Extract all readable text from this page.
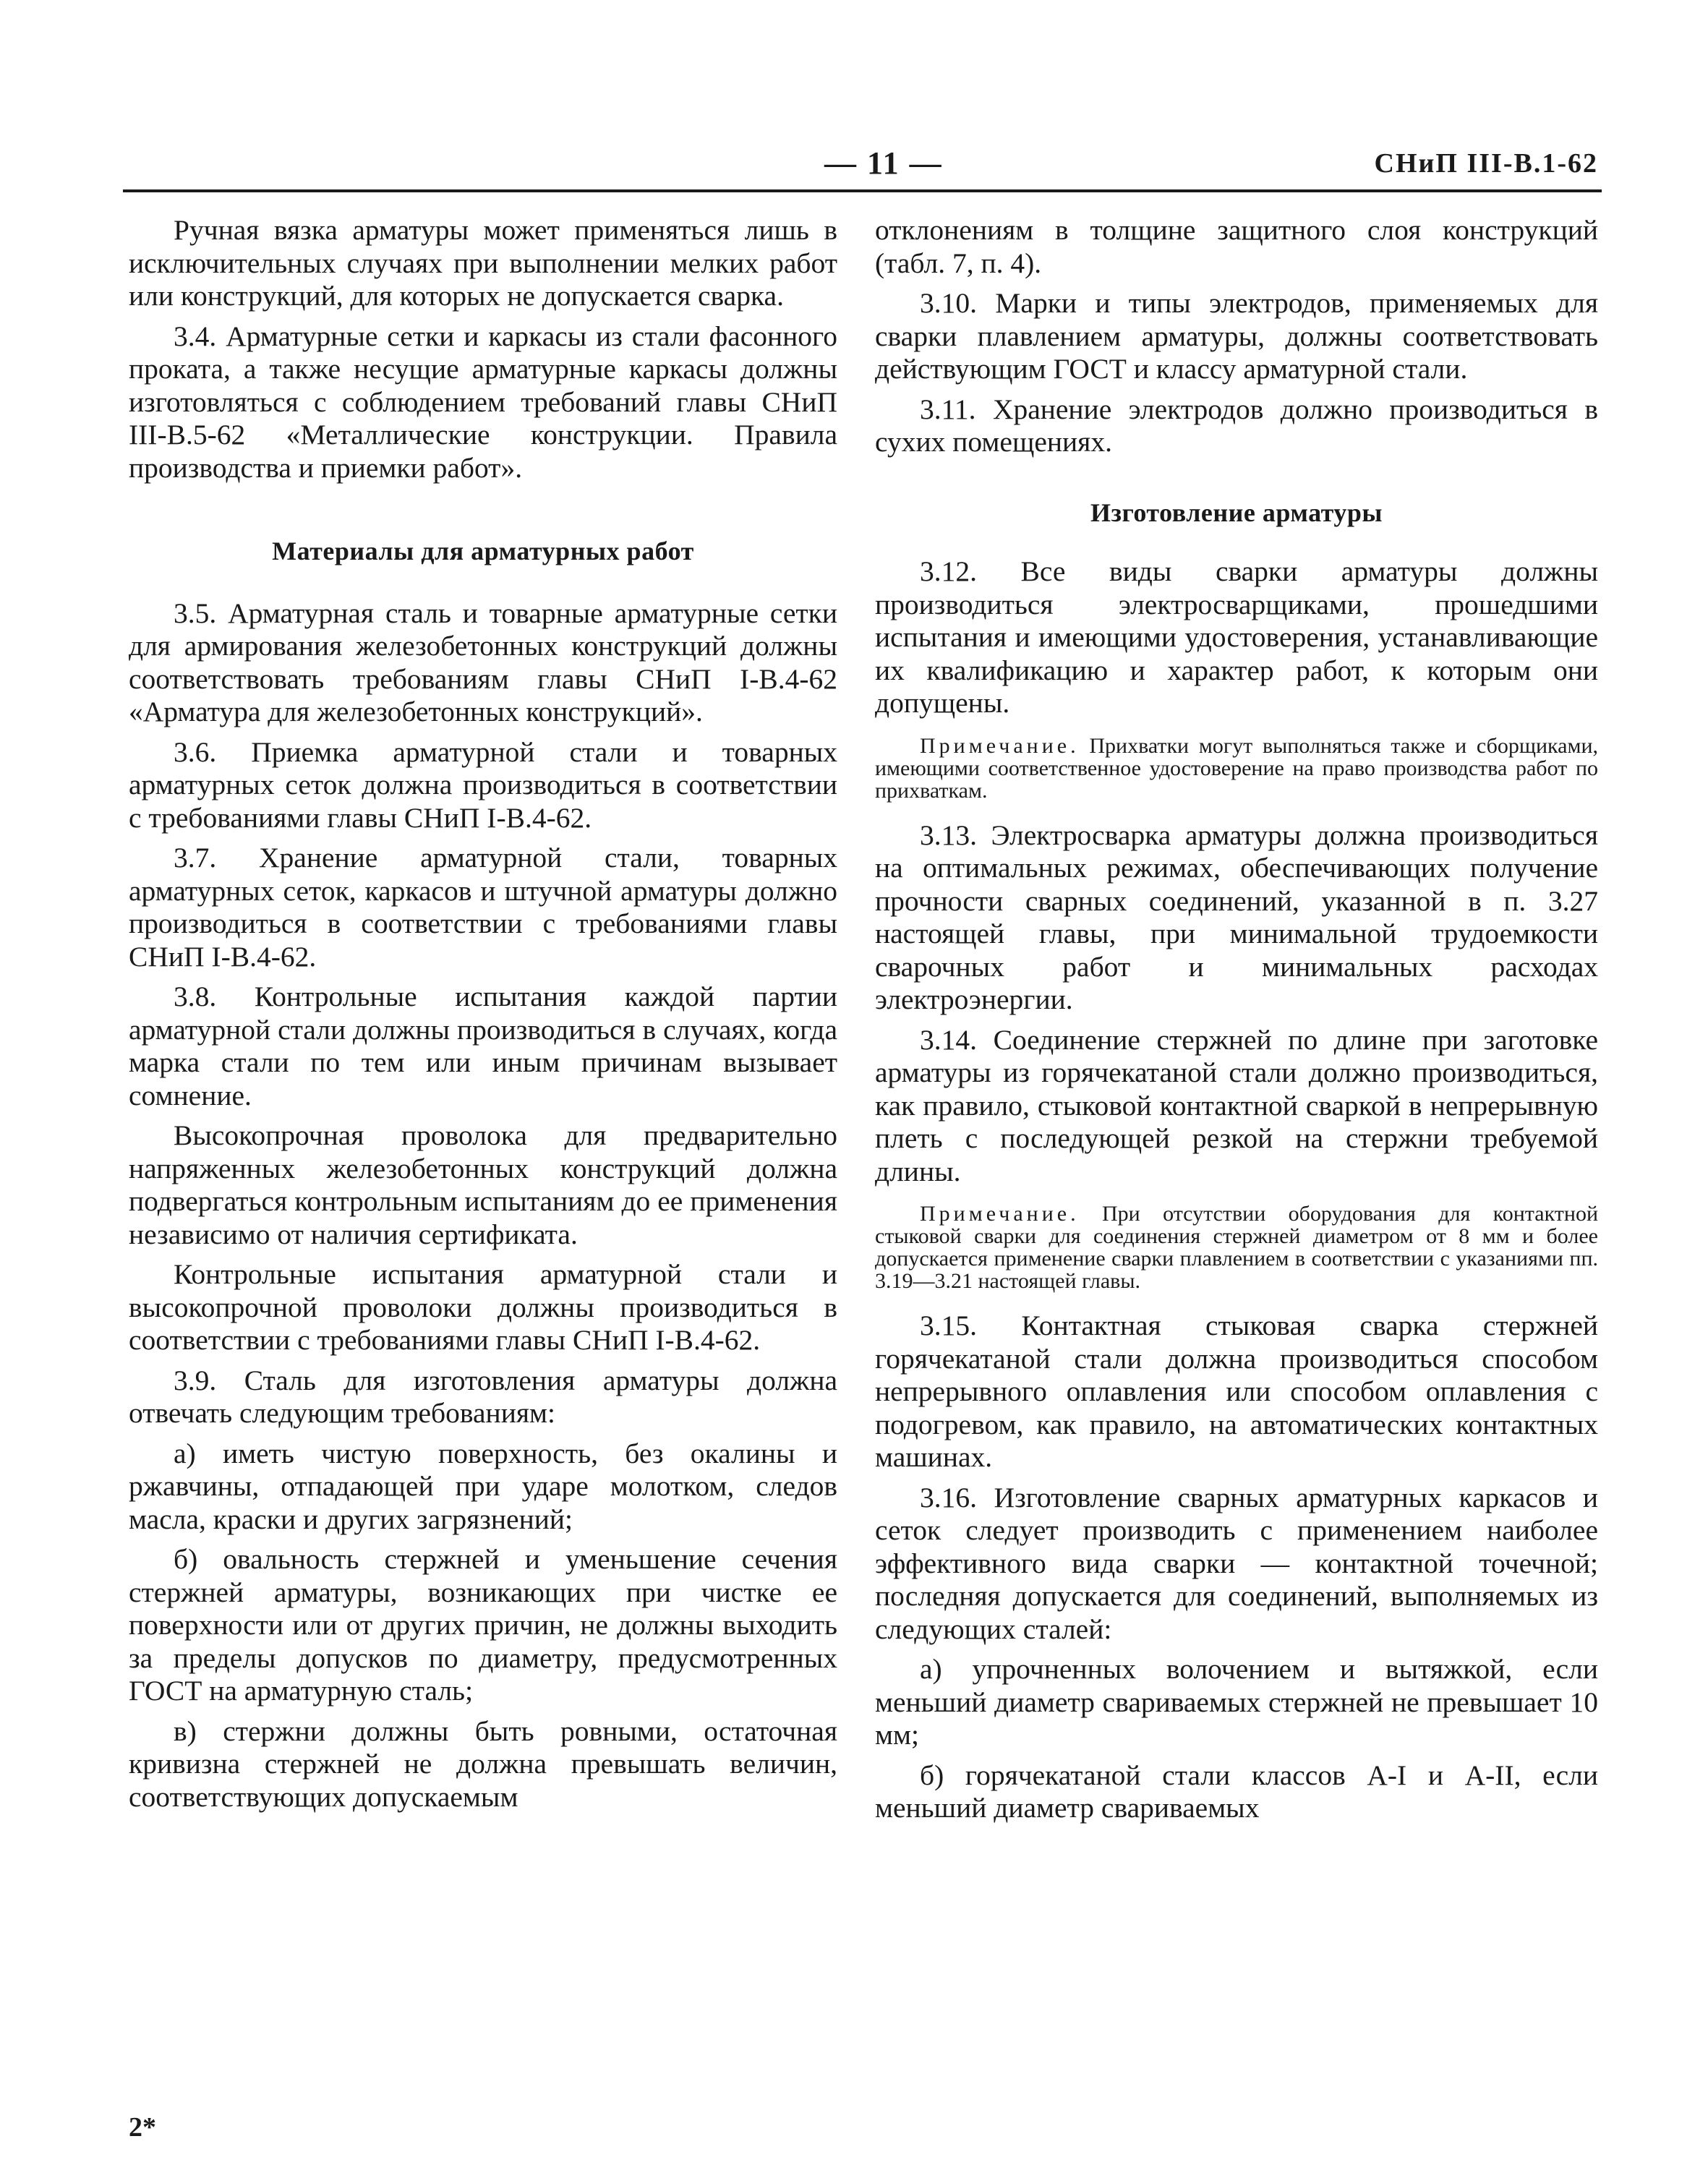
— 11 —	СНиП III-В.1-62

Ручная вязка арматуры может применяться лишь в исключительных случаях при выполнении мелких работ или конструкций, для которых не допускается сварка.

3.4. Арматурные сетки и каркасы из стали фасонного проката, а также несущие арматурные каркасы должны изготовляться с соблюдением требований главы СНиП III-В.5-62 «Металлические конструкции. Правила производства и приемки работ».

Материалы для арматурных работ

3.5. Арматурная сталь и товарные арматурные сетки для армирования железобетонных конструкций должны соответствовать требованиям главы СНиП I-В.4-62 «Арматура для железобетонных конструкций».

3.6. Приемка арматурной стали и товарных арматурных сеток должна производиться в соответствии с требованиями главы СНиП I-В.4-62.

3.7. Хранение арматурной стали, товарных арматурных сеток, каркасов и штучной арматуры должно производиться в соответствии с требованиями главы СНиП I-В.4-62.

3.8. Контрольные испытания каждой партии арматурной стали должны производиться в случаях, когда марка стали по тем или иным причинам вызывает сомнение.

Высокопрочная проволока для предварительно напряженных железобетонных конструкций должна подвергаться контрольным испытаниям до ее применения независимо от наличия сертификата.

Контрольные испытания арматурной стали и высокопрочной проволоки должны производиться в соответствии с требованиями главы СНиП I-В.4-62.

3.9. Сталь для изготовления арматуры должна отвечать следующим требованиям:

а) иметь чистую поверхность, без окалины и ржавчины, отпадающей при ударе молотком, следов масла, краски и других загрязнений;

б) овальность стержней и уменьшение сечения стержней арматуры, возникающих при чистке ее поверхности или от других причин, не должны выходить за пределы допусков по диаметру, предусмотренных ГОСТ на арматурную сталь;

в) стержни должны быть ровными, остаточная кривизна стержней не должна превышать величин, соответствующих допускаемым

отклонениям в толщине защитного слоя конструкций (табл. 7, п. 4).

3.10. Марки и типы электродов, применяемых для сварки плавлением арматуры, должны соответствовать действующим ГОСТ и классу арматурной стали.

3.11. Хранение электродов должно производиться в сухих помещениях.

Изготовление арматуры

3.12. Все виды сварки арматуры должны производиться электросварщиками, прошедшими испытания и имеющими удостоверения, устанавливающие их квалификацию и характер работ, к которым они допущены.

Примечание. Прихватки могут выполняться также и сборщиками, имеющими соответственное удостоверение на право производства работ по прихваткам.

3.13. Электросварка арматуры должна производиться на оптимальных режимах, обеспечивающих получение прочности сварных соединений, указанной в п. 3.27 настоящей главы, при минимальной трудоемкости сварочных работ и минимальных расходах электроэнергии.

3.14. Соединение стержней по длине при заготовке арматуры из горячекатаной стали должно производиться, как правило, стыковой контактной сваркой в непрерывную плеть с последующей резкой на стержни требуемой длины.

Примечание. При отсутствии оборудования для контактной стыковой сварки для соединения стержней диаметром от 8 мм и более допускается применение сварки плавлением в соответствии с указаниями пп. 3.19—3.21 настоящей главы.

3.15. Контактная стыковая сварка стержней горячекатаной стали должна производиться способом непрерывного оплавления или способом оплавления с подогревом, как правило, на автоматических контактных машинах.

3.16. Изготовление сварных арматурных каркасов и сеток следует производить с применением наиболее эффективного вида сварки — контактной точечной; последняя допускается для соединений, выполняемых из следующих сталей:

а) упрочненных волочением и вытяжкой, если меньший диаметр свариваемых стержней не превышает 10 мм;

б) горячекатаной стали классов А-I и А-II, если меньший диаметр свариваемых

2*
